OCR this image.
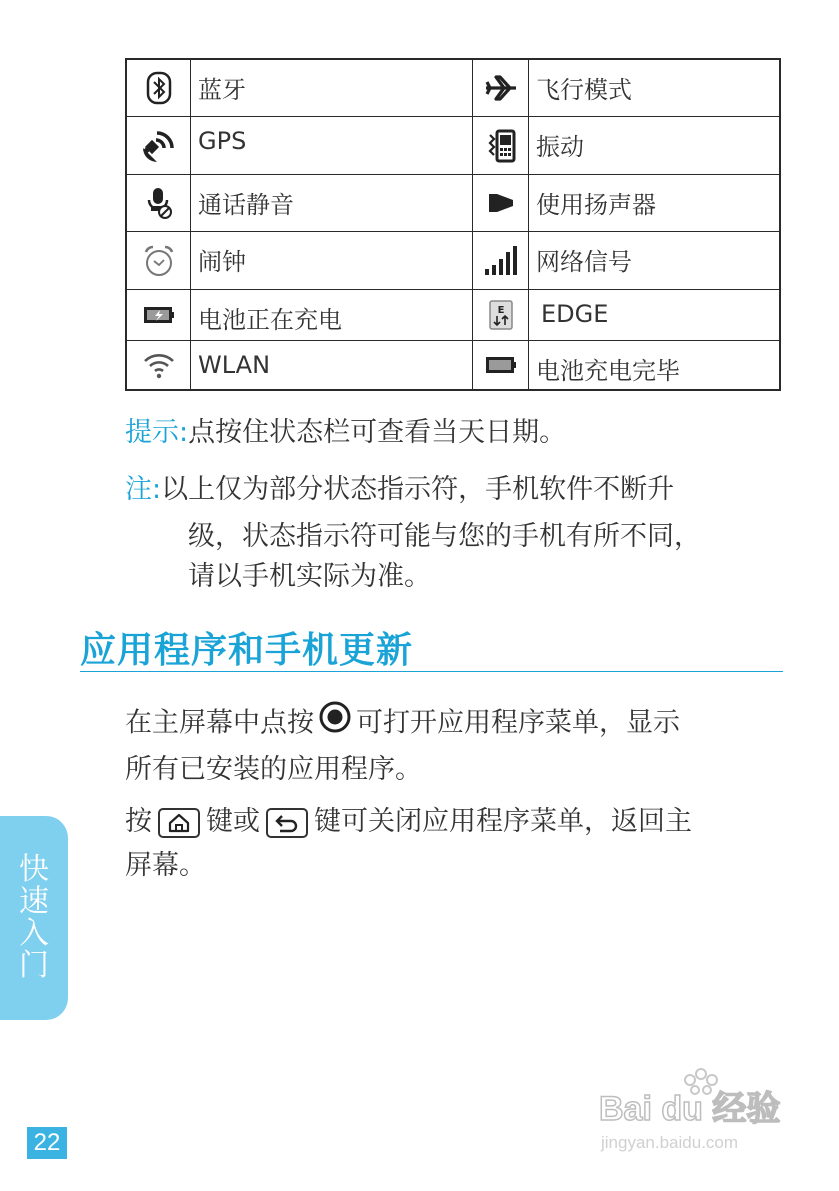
蓝牙	飞行模式
GPS	振动
通话静音	使用扬声器
闹钟	网络信号
电池正在充电	E	EDGE
WLAN	电池充电完毕
提示:点按住状态栏可查看当天日期。
注:以上仅为部分状态指示符，手机软件不断升
级，状态指示符可能与您的手机有所不同，
请以手机实际为准。
应用程序和手机更新
在主屏幕中点按 可打开应用程序菜单，显示
所有已安装的应用程序。
按 键或 键可关闭应用程序菜单，返回主
屏幕。
快
速
入
门
22
Bai du 经验
jingyan.baidu.com
